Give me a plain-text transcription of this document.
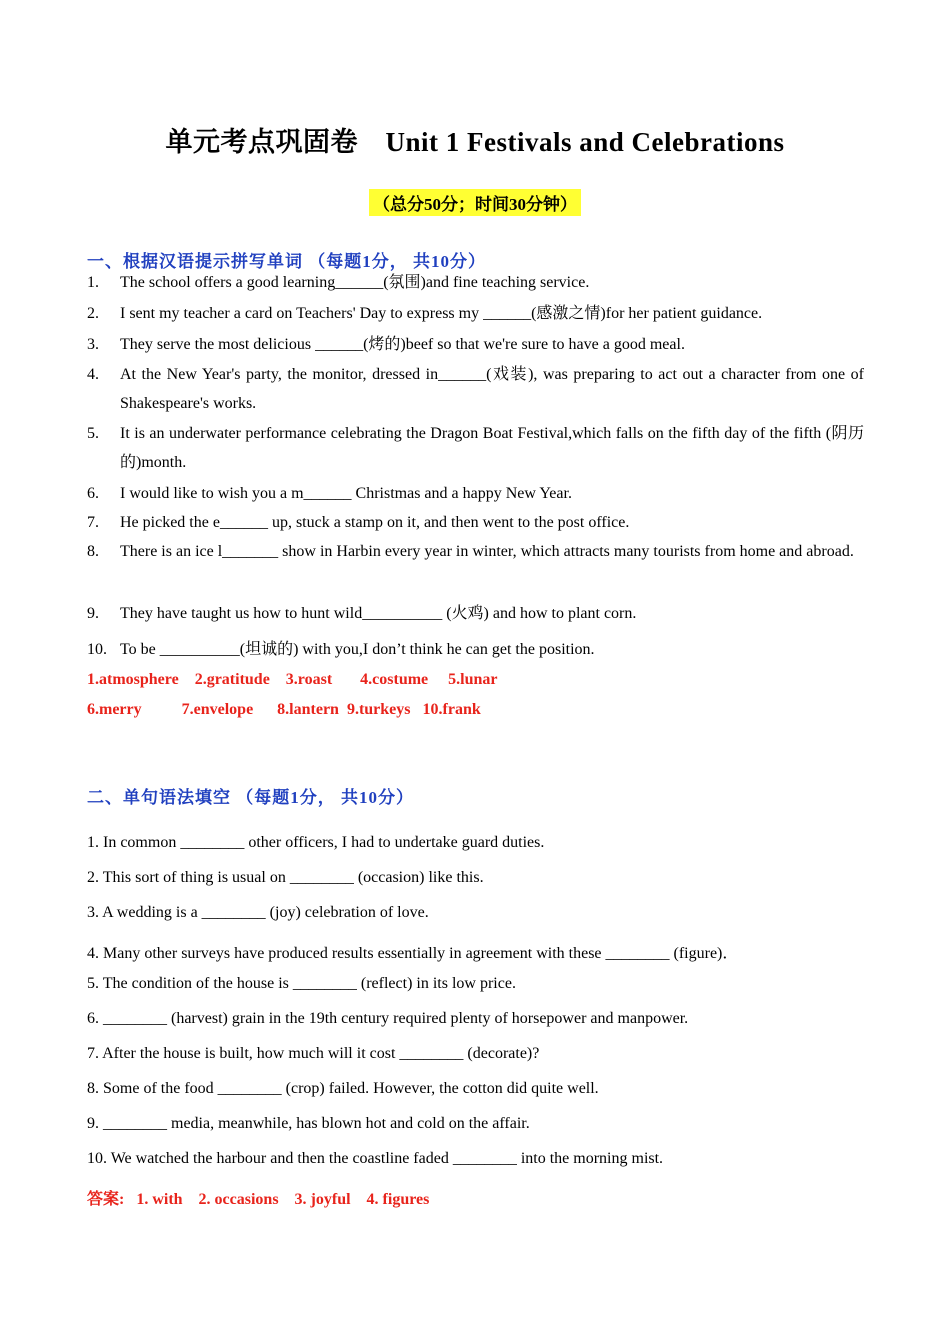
单元考点巩固卷　Unit 1 Festivals and Celebrations
（总分50分；时间30分钟）
一、根据汉语提示拼写单词 （每题1分， 共10分）
1. The school offers a good learning______(氛围)and fine teaching service.
2. I sent my teacher a card on Teachers' Day to express my ______(感激之情)for her patient guidance.
3. They serve the most delicious ______(烤的)beef so that we're sure to have a good meal.
4. At the New Year's party, the monitor, dressed in______(戏装), was preparing to act out a character from one of Shakespeare's works.
5. It is an underwater performance celebrating the Dragon Boat Festival,which falls on the fifth day of the fifth (阴历的)month.
6. I would like to wish you a m______ Christmas and a happy New Year.
7. He picked the e______ up, stuck a stamp on it, and then went to the post office.
8. There is an ice l_______ show in Harbin every year in winter, which attracts many tourists from home and abroad.
9. They have taught us how to hunt wild__________ (火鸡) and how to plant corn.
10. To be __________(坦诚的) with you,I don’t think he can get the position.
1.atmosphere    2.gratitude    3.roast       4.costume     5.lunar
6.merry          7.envelope      8.lantern  9.turkeys   10.frank
二、单句语法填空 （每题1分， 共10分）
1. In common ________ other officers, I had to undertake guard duties.
2. This sort of thing is usual on ________ (occasion) like this.
3. A wedding is a ________ (joy) celebration of love.
4. Many other surveys have produced results essentially in agreement with these ________ (figure)．
5. The condition of the house is ________ (reflect) in its low price.
6. ________ (harvest) grain in the 19th century required plenty of horsepower and manpower.
7. After the house is built, how much will it cost ________ (decorate)?
8. Some of the food ________ (crop) failed. However, the cotton did quite well.
9. ________ media, meanwhile, has blown hot and cold on the affair.
10. We watched the harbour and then the coastline faded ________ into the morning mist.
答案:   1. with    2. occasions    3. joyful    4. figures
